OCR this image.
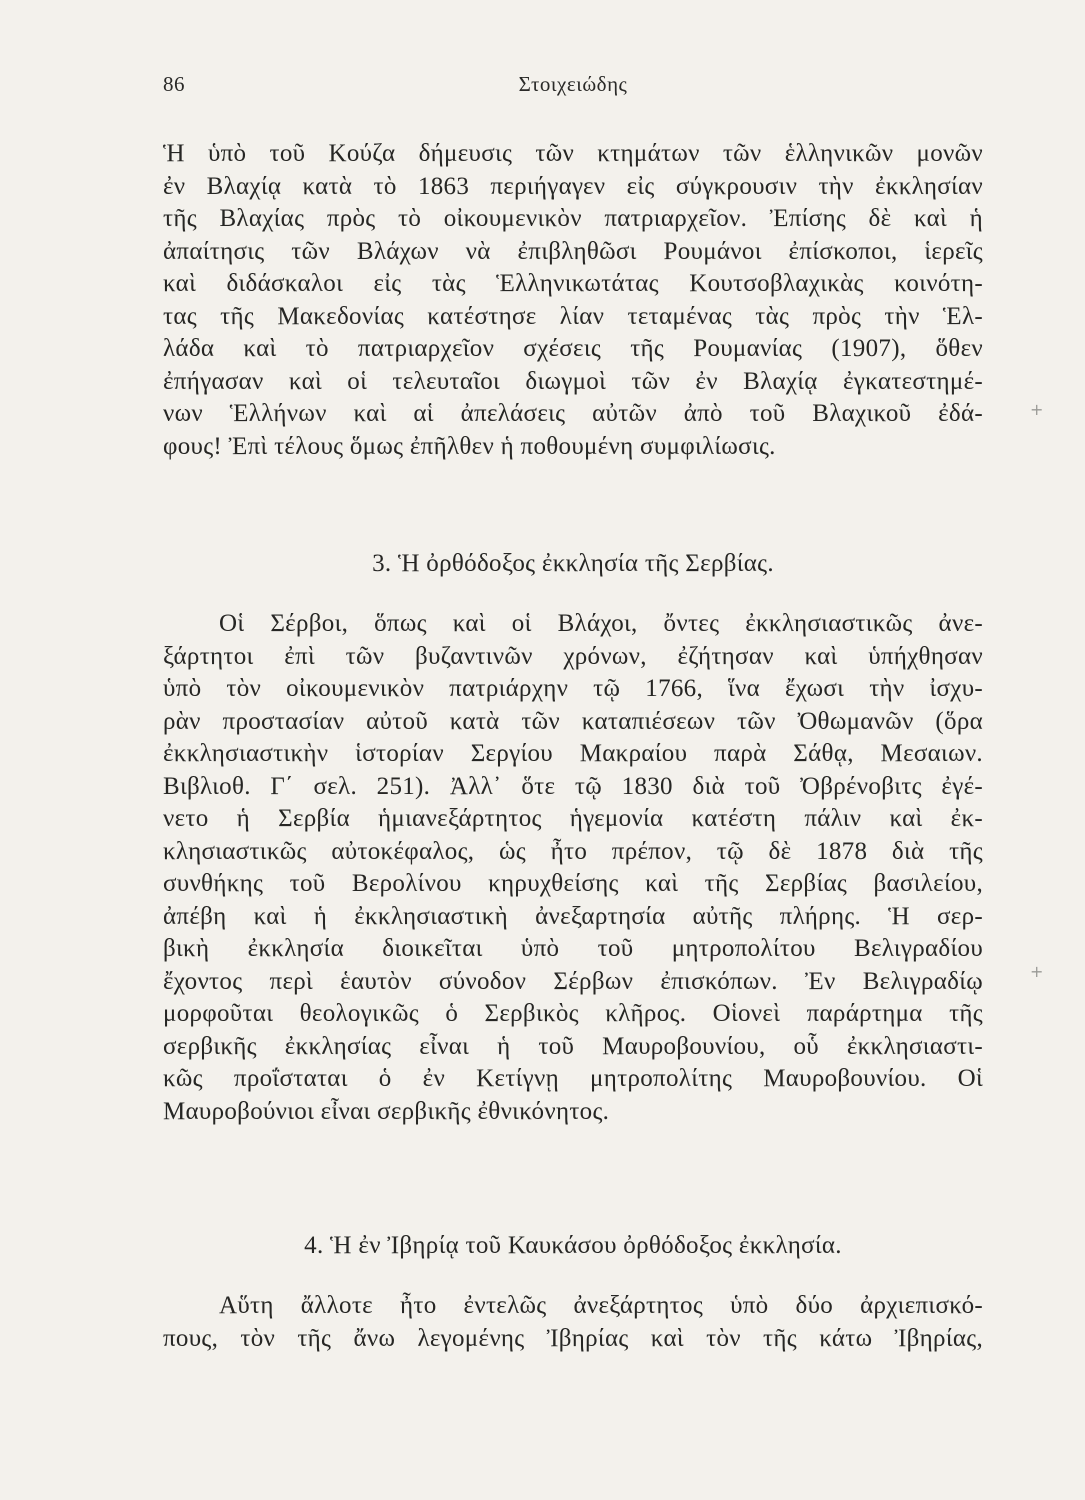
86	Στοιχειώδης
Ἡ ὑπὸ τοῦ Κούζα δήμευσις τῶν κτημάτων τῶν ἑλληνικῶν μονῶν
ἐν Βλαχίᾳ κατὰ τὸ 1863 περιήγαγεν εἰς σύγκρουσιν τὴν ἐκκλησίαν
τῆς Βλαχίας πρὸς τὸ οἰκουμενικὸν πατριαρχεῖον. Ἐπίσης δὲ καὶ ἡ
ἀπαίτησις τῶν Βλάχων νὰ ἐπιβληθῶσι Ρουμάνοι ἐπίσκοποι, ἱερεῖς
καὶ διδάσκαλοι εἰς τὰς Ἑλληνικωτάτας Κουτσοβλαχικὰς κοινότη-
τας τῆς Μακεδονίας κατέστησε λίαν τεταμένας τὰς πρὸς τὴν Ἑλ-
λάδα καὶ τὸ πατριαρχεῖον σχέσεις τῆς Ρουμανίας (1907), ὅθεν
ἐπήγασαν καὶ οἱ τελευταῖοι διωγμοὶ τῶν ἐν Βλαχίᾳ ἐγκατεστημέ-
νων Ἑλλήνων καὶ αἱ ἀπελάσεις αὐτῶν ἀπὸ τοῦ Βλαχικοῦ ἐδά-
φους! Ἐπὶ τέλους ὅμως ἐπῆλθεν ἡ ποθουμένη συμφιλίωσις.
3. Ἡ ὀρθόδοξος ἐκκλησία τῆς Σερβίας.
Οἱ Σέρβοι, ὅπως καὶ οἱ Βλάχοι, ὄντες ἐκκλησιαστικῶς ἀνε-
ξάρτητοι ἐπὶ τῶν βυζαντινῶν χρόνων, ἐζήτησαν καὶ ὑπήχθησαν
ὑπὸ τὸν οἰκουμενικὸν πατριάρχην τῷ 1766, ἵνα ἔχωσι τὴν ἰσχυ-
ρὰν προστασίαν αὐτοῦ κατὰ τῶν καταπιέσεων τῶν Ὀθωμανῶν (ὅρα
ἐκκλησιαστικὴν ἱστορίαν Σεργίου Μακραίου παρὰ Σάθᾳ, Μεσαιων.
Βιβλιοθ. Γ΄ σελ. 251). Ἀλλ᾽ ὅτε τῷ 1830 διὰ τοῦ Ὀβρένοβιτς ἐγέ-
νετο ἡ Σερβία ἡμιανεξάρτητος ἡγεμονία κατέστη πάλιν καὶ ἐκ-
κλησιαστικῶς αὐτοκέφαλος, ὡς ἦτο πρέπον, τῷ δὲ 1878 διὰ τῆς
συνθήκης τοῦ Βερολίνου κηρυχθείσης καὶ τῆς Σερβίας βασιλείου,
ἀπέβη καὶ ἡ ἐκκλησιαστικὴ ἀνεξαρτησία αὐτῆς πλήρης. Ἡ σερ-
βικὴ ἐκκλησία διοικεῖται ὑπὸ τοῦ μητροπολίτου Βελιγραδίου
ἔχοντος περὶ ἑαυτὸν σύνοδον Σέρβων ἐπισκόπων. Ἐν Βελιγραδίῳ
μορφοῦται θεολογικῶς ὁ Σερβικὸς κλῆρος. Οἱονεὶ παράρτημα τῆς
σερβικῆς ἐκκλησίας εἶναι ἡ τοῦ Μαυροβουνίου, οὗ ἐκκλησιαστι-
κῶς προΐσταται ὁ ἐν Κετίγνῃ μητροπολίτης Μαυροβουνίου. Οἱ
Μαυροβούνιοι εἶναι σερβικῆς ἐθνικόνητος.
4. Ἡ ἐν Ἰβηρίᾳ τοῦ Καυκάσου ὀρθόδοξος ἐκκλησία.
Αὕτη ἄλλοτε ἦτο ἐντελῶς ἀνεξάρτητος ὑπὸ δύο ἀρχιεπισκό-
πους, τὸν τῆς ἄνω λεγομένης Ἰβηρίας καὶ τὸν τῆς κάτω Ἰβηρίας,
+
+
